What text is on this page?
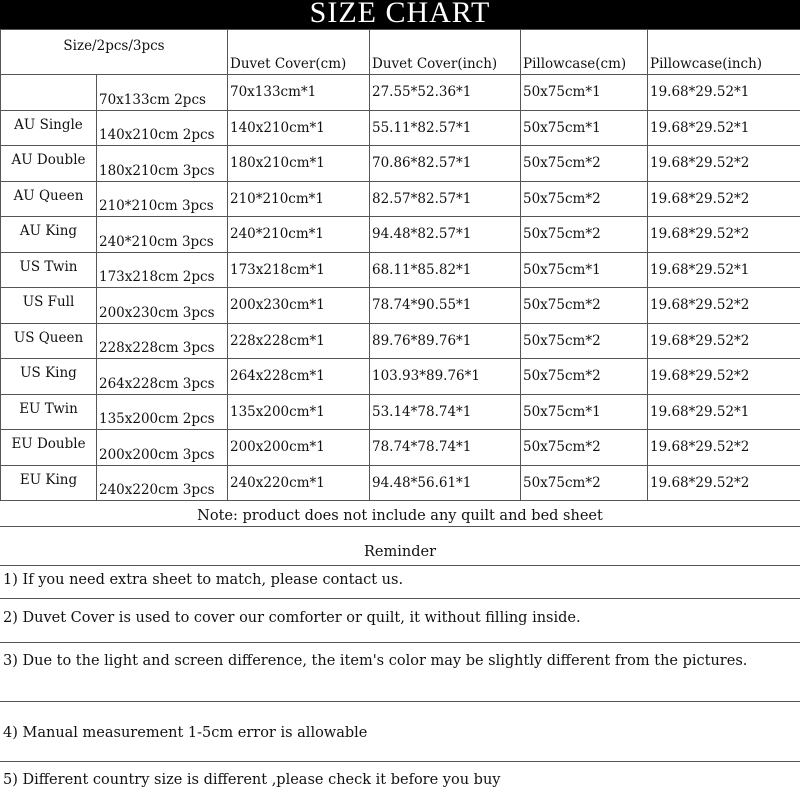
SIZE CHART
Size/2pcs/3pcs		Duvet Cover(cm)	Duvet Cover(inch)	Pillowcase(cm)	Pillowcase(inch)
	70x133cm 2pcs	70x133cm*1	27.55*52.36*1	50x75cm*1	19.68*29.52*1
AU Single	140x210cm 2pcs	140x210cm*1	55.11*82.57*1	50x75cm*1	19.68*29.52*1
AU Double	180x210cm 3pcs	180x210cm*1	70.86*82.57*1	50x75cm*2	19.68*29.52*2
AU Queen	210*210cm 3pcs	210*210cm*1	82.57*82.57*1	50x75cm*2	19.68*29.52*2
AU King	240*210cm 3pcs	240*210cm*1	94.48*82.57*1	50x75cm*2	19.68*29.52*2
US Twin	173x218cm 2pcs	173x218cm*1	68.11*85.82*1	50x75cm*1	19.68*29.52*1
US Full	200x230cm 3pcs	200x230cm*1	78.74*90.55*1	50x75cm*2	19.68*29.52*2
US Queen	228x228cm 3pcs	228x228cm*1	89.76*89.76*1	50x75cm*2	19.68*29.52*2
US King	264x228cm 3pcs	264x228cm*1	103.93*89.76*1	50x75cm*2	19.68*29.52*2
EU Twin	135x200cm 2pcs	135x200cm*1	53.14*78.74*1	50x75cm*1	19.68*29.52*1
EU Double	200x200cm 3pcs	200x200cm*1	78.74*78.74*1	50x75cm*2	19.68*29.52*2
EU King	240x220cm 3pcs	240x220cm*1	94.48*56.61*1	50x75cm*2	19.68*29.52*2
Note: product does not include any quilt and bed sheet
Reminder
1) If you need extra sheet to match, please contact us.
2) Duvet Cover is used to cover our comforter or quilt, it without filling inside.
3) Due to the light and screen difference, the item's color may be slightly different from the pictures.
4) Manual measurement 1-5cm error is allowable
5) Different country size is different ,please check it before you buy
